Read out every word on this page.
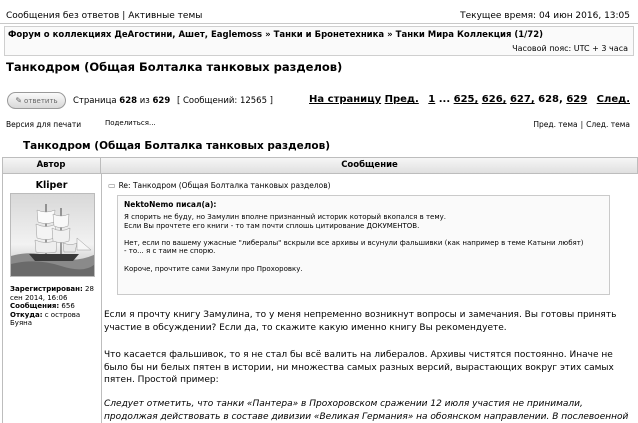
Сообщения без ответов | Активные темы	Текущее время: 04 июн 2016, 13:05
Форум о коллекциях ДеАгостини, Ашет, Eaglemoss » Танки и Бронетехника » Танки Мира Коллекция (1/72)
Часовой пояс: UTC + 3 часа
Танкодром (Общая Болталка танковых разделов)
✎ ответить	Страница 628 из 629 [ Сообщений: 12565 ]	На страницу Пред. 1 ... 625, 626, 627, 628, 629 След.
Версия для печати	Поделиться...	Пред. тема | След. тема
Танкодром (Общая Болталка танковых разделов)
Автор	Сообщение
Kliper
Зарегистрирован: 28 сен 2014, 16:06
Сообщения: 656
Откуда: с острова Буяна
▭ Re: Танкодром (Общая Болталка танковых разделов)
NektoNemo писал(а):

Я спорить не буду, но Замулин вполне признанный историк который вкопался в тему.

Если Вы прочтете его книги - то там почти сплошь цитирование ДОКУМЕНТОВ.

Нет, если по вашему ужасные "либералы" вскрыли все архивы и всунули фальшивки (как например в теме Катыни любят)

- то... я с таим не спорю.

Короче, прочтите сами Замули про Прохоровку.

Если я прочту книгу Замулина, то у меня непременно возникнут вопросы и замечания. Вы готовы принять участие в обсуждении? Если да, то скажите какую именно книгу Вы рекомендуете.
Что касается фальшивок, то я не стал бы всё валить на либералов. Архивы чистятся постоянно. Иначе не было бы ни белых пятен в истории, ни множества самых разных версий, вырастающих вокруг этих самых пятен. Простой пример:
Следует отметить, что танки «Пантера» в Прохоровском сражении 12 июля участия не принимали, продолжая действовать в составе дивизии «Великая Германия» на обоянском направлении. В послевоенной
